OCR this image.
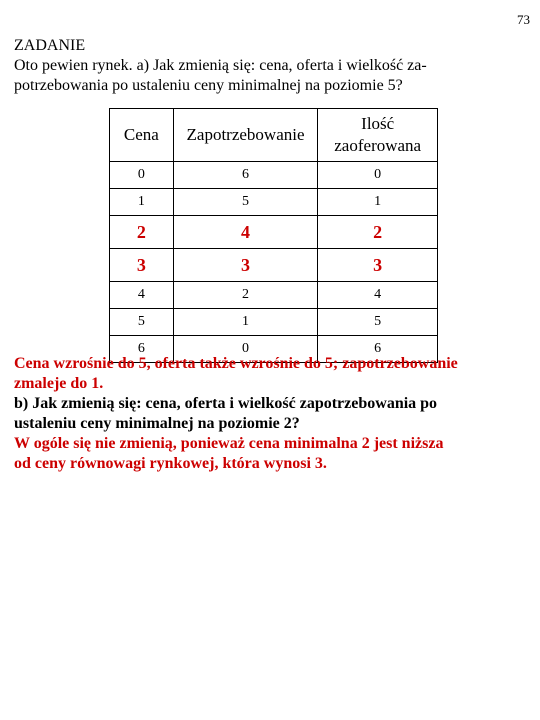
73

ZADANIE

Oto pewien rynek. a) Jak zmienią się: cena, oferta i wielkość za-

potrzebowania po ustaleniu ceny minimalnej na poziomie 5?

Cena	Zapotrzebowanie	Ilość zaoferowana
0	6	0
1	5	1
2	4	2
3	3	3
4	2	4
5	1	5
6	0	6

Cena wzrośnie do 5, oferta także wzrośnie do 5; zapotrzebowanie

zmaleje do 1.

b) Jak zmienią się: cena, oferta i wielkość zapotrzebowania po

ustaleniu ceny minimalnej na poziomie 2?

W ogóle się nie zmienią, ponieważ cena minimalna 2 jest niższa

od ceny równowagi rynkowej, która wynosi 3.
